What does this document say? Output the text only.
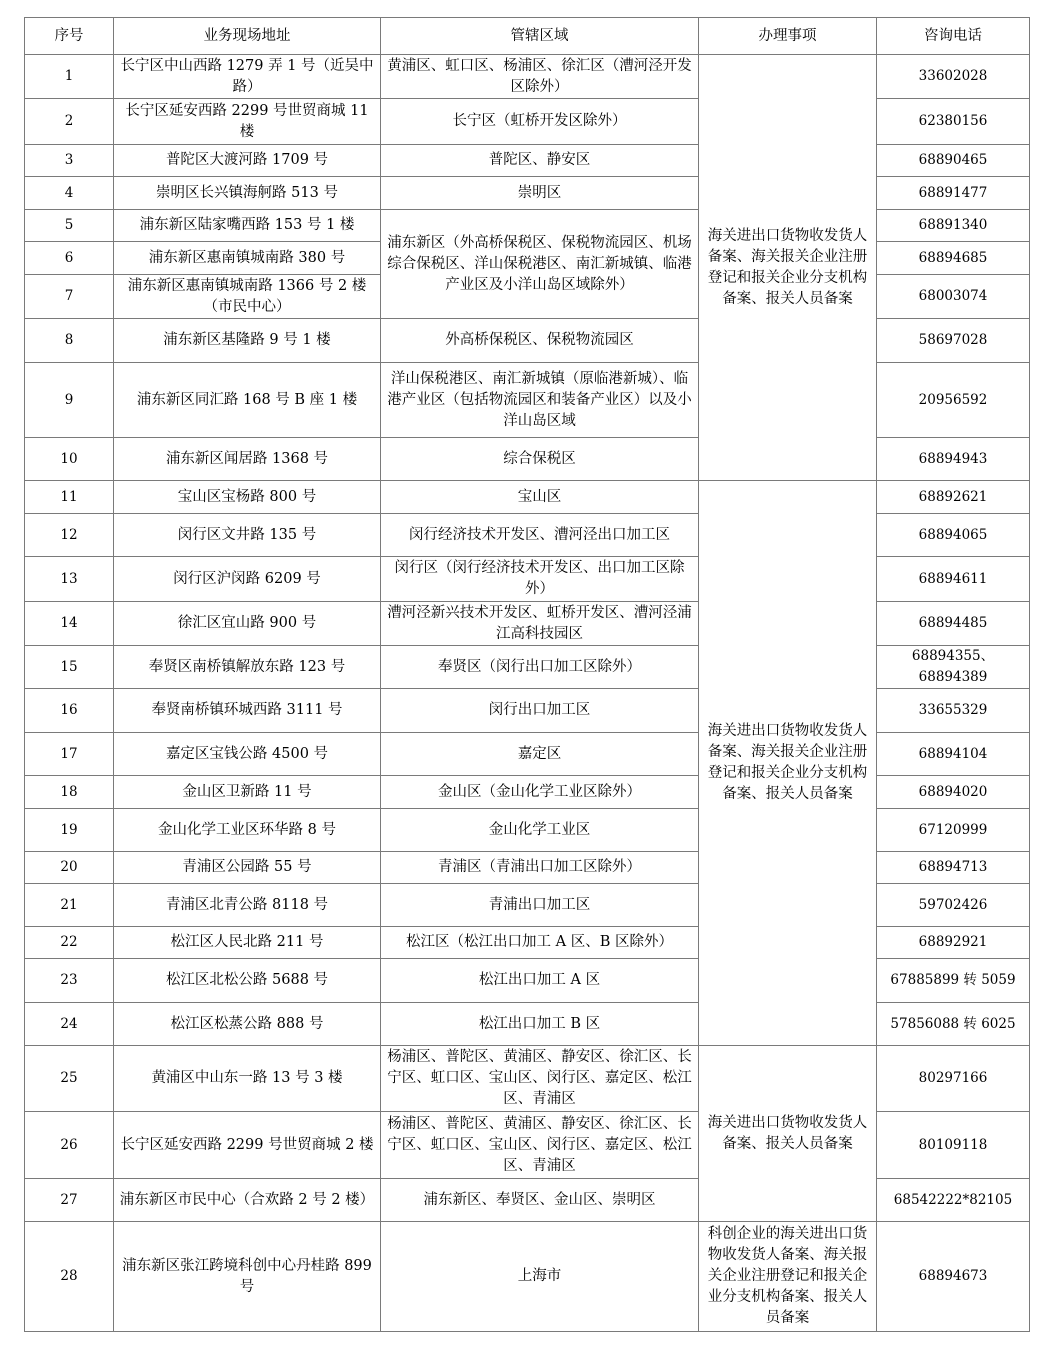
序号	业务现场地址	管辖区域	办理事项	咨询电话
1	长宁区中山西路 1279 弄 1 号（近吴中路）	黄浦区、虹口区、杨浦区、徐汇区（漕河泾开发区除外）	海关进出口货物收发货人备案、海关报关企业注册登记和报关企业分支机构备案、报关人员备案	33602028
2	长宁区延安西路 2299 号世贸商城 11 楼	长宁区（虹桥开发区除外）		62380156
3	普陀区大渡河路 1709 号	普陀区、静安区		68890465
4	崇明区长兴镇海舸路 513 号	崇明区		68891477
5	浦东新区陆家嘴西路 153 号 1 楼	浦东新区（外高桥保税区、保税物流园区、机场综合保税区、洋山保税港区、南汇新城镇、临港产业区及小洋山岛区域除外）		68891340
6	浦东新区惠南镇城南路 380 号			68894685
7	浦东新区惠南镇城南路 1366 号 2 楼（市民中心）			68003074
8	浦东新区基隆路 9 号 1 楼	外高桥保税区、保税物流园区		58697028
9	浦东新区同汇路 168 号 B 座 1 楼	洋山保税港区、南汇新城镇（原临港新城）、临港产业区（包括物流园区和装备产业区）以及小洋山岛区域		20956592
10	浦东新区闻居路 1368 号	综合保税区		68894943
11	宝山区宝杨路 800 号	宝山区	海关进出口货物收发货人备案、海关报关企业注册登记和报关企业分支机构备案、报关人员备案	68892621
12	闵行区文井路 135 号	闵行经济技术开发区、漕河泾出口加工区		68894065
13	闵行区沪闵路 6209 号	闵行区（闵行经济技术开发区、出口加工区除外）		68894611
14	徐汇区宜山路 900 号	漕河泾新兴技术开发区、虹桥开发区、漕河泾浦江高科技园区		68894485
15	奉贤区南桥镇解放东路 123 号	奉贤区（闵行出口加工区除外）		68894355、68894389
16	奉贤南桥镇环城西路 3111 号	闵行出口加工区		33655329
17	嘉定区宝钱公路 4500 号	嘉定区		68894104
18	金山区卫新路 11 号	金山区（金山化学工业区除外）		68894020
19	金山化学工业区环华路 8 号	金山化学工业区		67120999
20	青浦区公园路 55 号	青浦区（青浦出口加工区除外）		68894713
21	青浦区北青公路 8118 号	青浦出口加工区		59702426
22	松江区人民北路 211 号	松江区（松江出口加工 A 区、B 区除外）		68892921
23	松江区北松公路 5688 号	松江出口加工 A 区		67885899 转 5059
24	松江区松蒸公路 888 号	松江出口加工 B 区		57856088 转 6025
25	黄浦区中山东一路 13 号 3 楼	杨浦区、普陀区、黄浦区、静安区、徐汇区、长宁区、虹口区、宝山区、闵行区、嘉定区、松江区、青浦区	海关进出口货物收发货人备案、报关人员备案	80297166
26	长宁区延安西路 2299 号世贸商城 2 楼	杨浦区、普陀区、黄浦区、静安区、徐汇区、长宁区、虹口区、宝山区、闵行区、嘉定区、松江区、青浦区		80109118
27	浦东新区市民中心（合欢路 2 号 2 楼）	浦东新区、奉贤区、金山区、崇明区		68542222*82105
28	浦东新区张江跨境科创中心丹桂路 899 号	上海市	科创企业的海关进出口货物收发货人备案、海关报关企业注册登记和报关企业分支机构备案、报关人员备案	68894673
